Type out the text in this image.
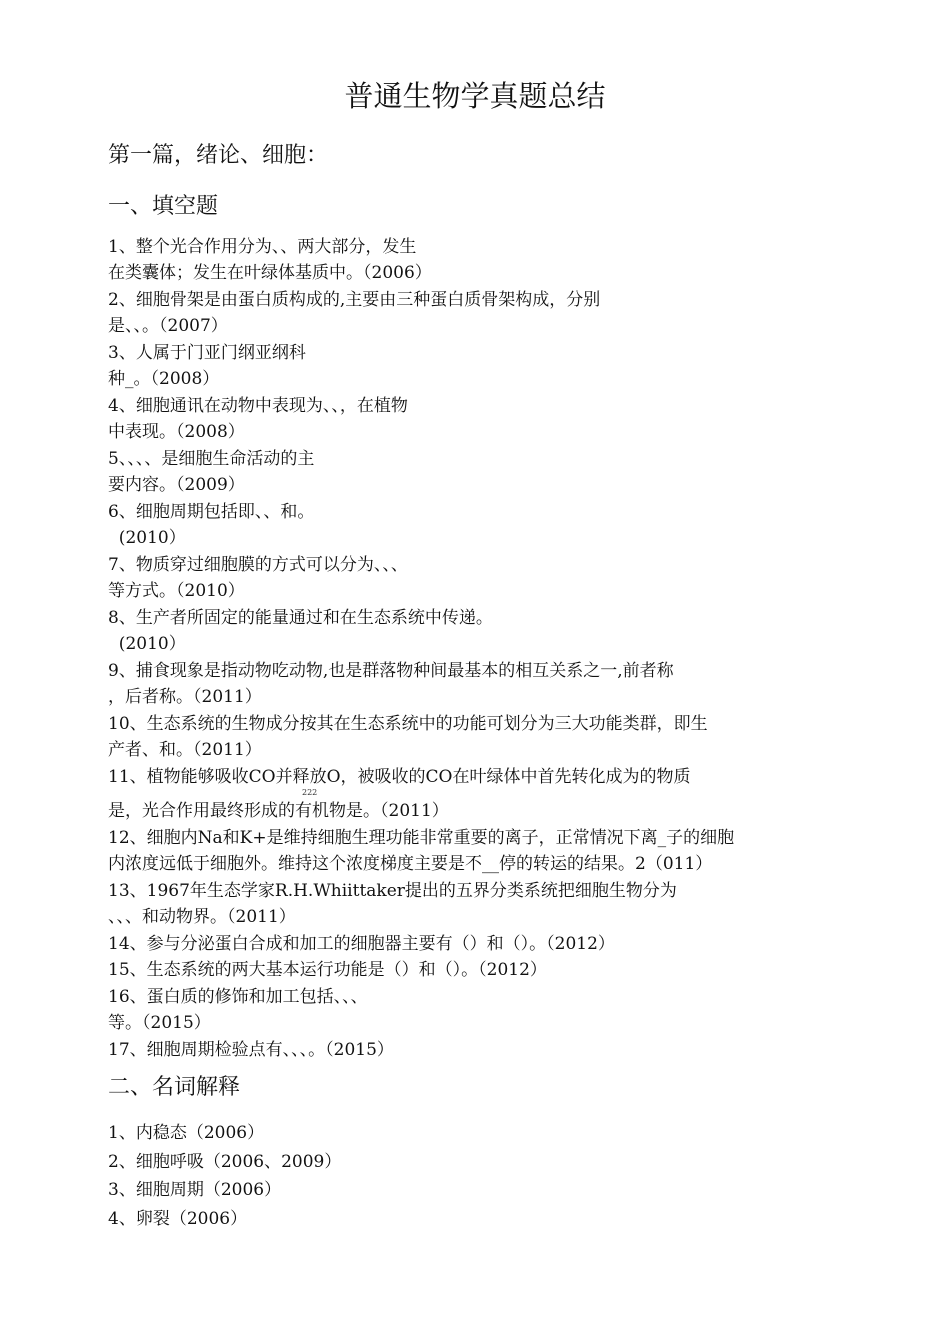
普通生物学真题总结

第一篇，绪论、细胞：

一、填空题

1、整个光合作用分为、、两大部分，发生

在类囊体；发生在叶绿体基质中。（2006）

2、细胞骨架是由蛋白质构成的,主要由三种蛋白质骨架构成，分别

是、、。（2007）

3、人属于门亚门纲亚纲科

种_。（2008）

4、细胞通讯在动物中表现为、、，在植物

中表现。（2008）

5、、、、是细胞生命活动的主

要内容。（2009）

6、细胞周期包括即、、和。

(2010）

7、物质穿过细胞膜的方式可以分为、、、

等方式。（2010）

8、生产者所固定的能量通过和在生态系统中传递。

(2010）

9、捕食现象是指动物吃动物,也是群落物种间最基本的相互关系之一,前者称

，后者称。（2011）

10、生态系统的生物成分按其在生态系统中的功能可划分为三大功能类群，即生

产者、和。（2011）

11、植物能够吸收CO并释放O，被吸收的CO在叶绿体中首先转化成为的物质

222

是，光合作用最终形成的有机物是。（2011）

12、细胞内Na和K+是维持细胞生理功能非常重要的离子，正常情况下离_子的细胞

内浓度远低于细胞外。维持这个浓度梯度主要是不__停的转运的结果。2（011）

13、1967年生态学家R.H.Whiittaker提出的五界分类系统把细胞生物分为

、、、和动物界。（2011）

14、参与分泌蛋白合成和加工的细胞器主要有（）和（）。（2012）

15、生态系统的两大基本运行功能是（）和（）。（2012）

16、蛋白质的修饰和加工包括、、、

等。（2015）

17、细胞周期检验点有、、、。（2015）

二、名词解释

1、内稳态（2006）

2、细胞呼吸（2006、2009）

3、细胞周期（2006）

4、卵裂（2006）
